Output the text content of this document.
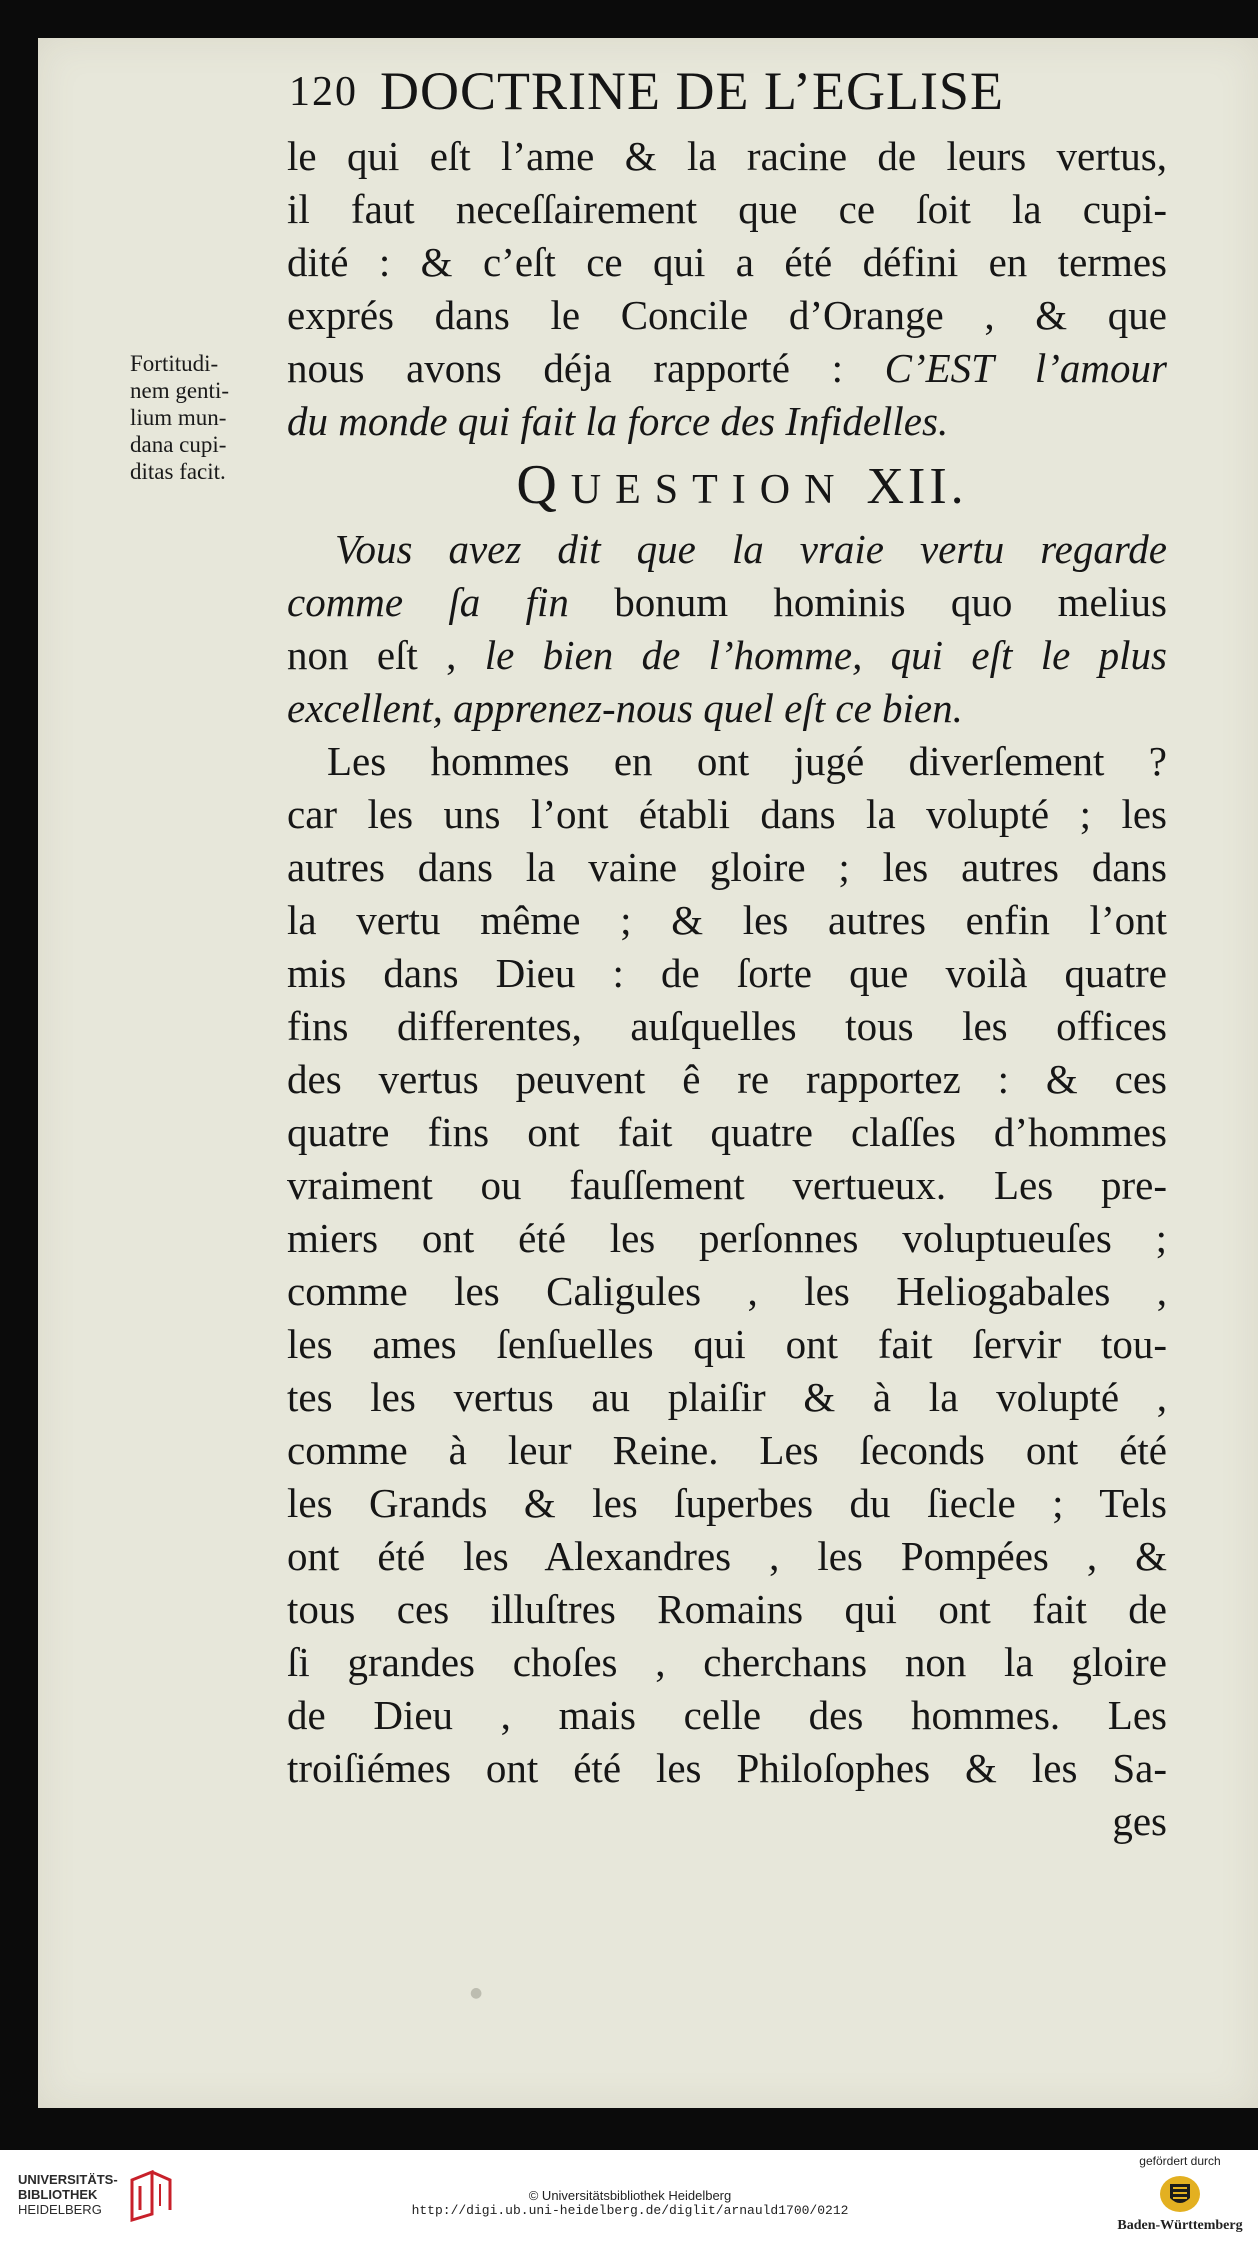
120 DOCTRINE DE L’EGLISE
Fortitudi-
nem genti-
lium mun-
dana cupi-
ditas facit.
le qui eſt l’ame & la racine de leurs vertus,
il faut neceſſairement que ce ſoit la cupi-
dité : & c’eſt ce qui a été défini en termes
exprés dans le Concile d’Orange , & que
nous avons déja rapporté : C’EST l’amour
du monde qui fait la force des Infidelles.
QUESTION XII.
Vous avez dit que la vraie vertu regarde
comme ſa fin bonum hominis quo melius
non eſt , le bien de l’homme, qui eſt le plus
excellent, apprenez-nous quel eſt ce bien.
Les hommes en ont jugé diverſement ?
car les uns l’ont établi dans la volupté ; les
autres dans la vaine gloire ; les autres dans
la vertu même ; & les autres enfin l’ont
mis dans Dieu : de ſorte que voilà quatre
fins differentes, auſquelles tous les offices
des vertus peuvent ê re rapportez : & ces
quatre fins ont fait quatre claſſes d’hommes
vraiment ou fauſſement vertueux. Les pre-
miers ont été les perſonnes voluptueuſes ;
comme les Caligules , les Heliogabales ,
les ames ſenſuelles qui ont fait ſervir tou-
tes les vertus au plaiſir & à la volupté ,
comme à leur Reine. Les ſeconds ont été
les Grands & les ſuperbes du ſiecle ; Tels
ont été les Alexandres , les Pompées , &
tous ces illuſtres Romains qui ont fait de
ſi grandes choſes , cherchans non la gloire
de Dieu , mais celle des hommes. Les
troiſiémes ont été les Philoſophes & les Sa-
ges
●
UNIVERSITÄTS-
BIBLIOTHEK
HEIDELBERG
© Universitätsbibliothek Heidelberg
http://digi.ub.uni-heidelberg.de/diglit/arnauld1700/0212
gefördert durch
Baden-Württemberg
